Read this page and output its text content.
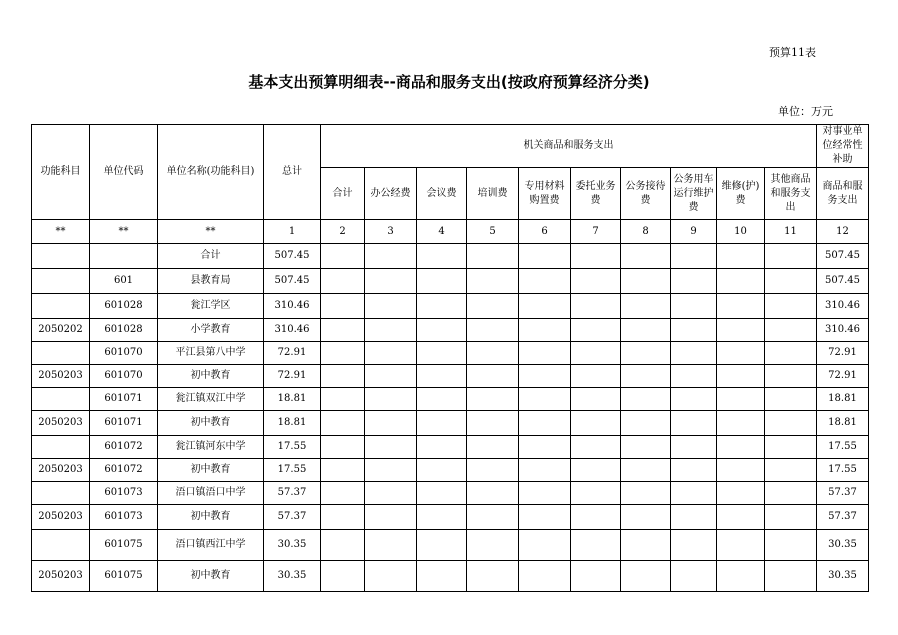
预算11表
基本支出预算明细表--商品和服务支出(按政府预算经济分类)
单位：万元
功能科目	单位代码	单位名称(功能科目)	总计	机关商品和服务支出										对事业单位经常性补助
				合计	办公经费	会议费	培训费	专用材料购置费	委托业务费	公务接待费	公务用车运行维护费	维修(护)费	其他商品和服务支出	商品和服务支出
**	**	**	1	2	3	4	5	6	7	8	9	10	11	12
		合计	507.45											507.45
	601	县教育局	507.45											507.45
	601028	瓮江学区	310.46											310.46
2050202	601028	小学教育	310.46											310.46
	601070	平江县第八中学	72.91											72.91
2050203	601070	初中教育	72.91											72.91
	601071	瓮江镇双江中学	18.81											18.81
2050203	601071	初中教育	18.81											18.81
	601072	瓮江镇河东中学	17.55											17.55
2050203	601072	初中教育	17.55											17.55
	601073	浯口镇浯口中学	57.37											57.37
2050203	601073	初中教育	57.37											57.37
	601075	浯口镇西江中学	30.35											30.35
2050203	601075	初中教育	30.35											30.35
